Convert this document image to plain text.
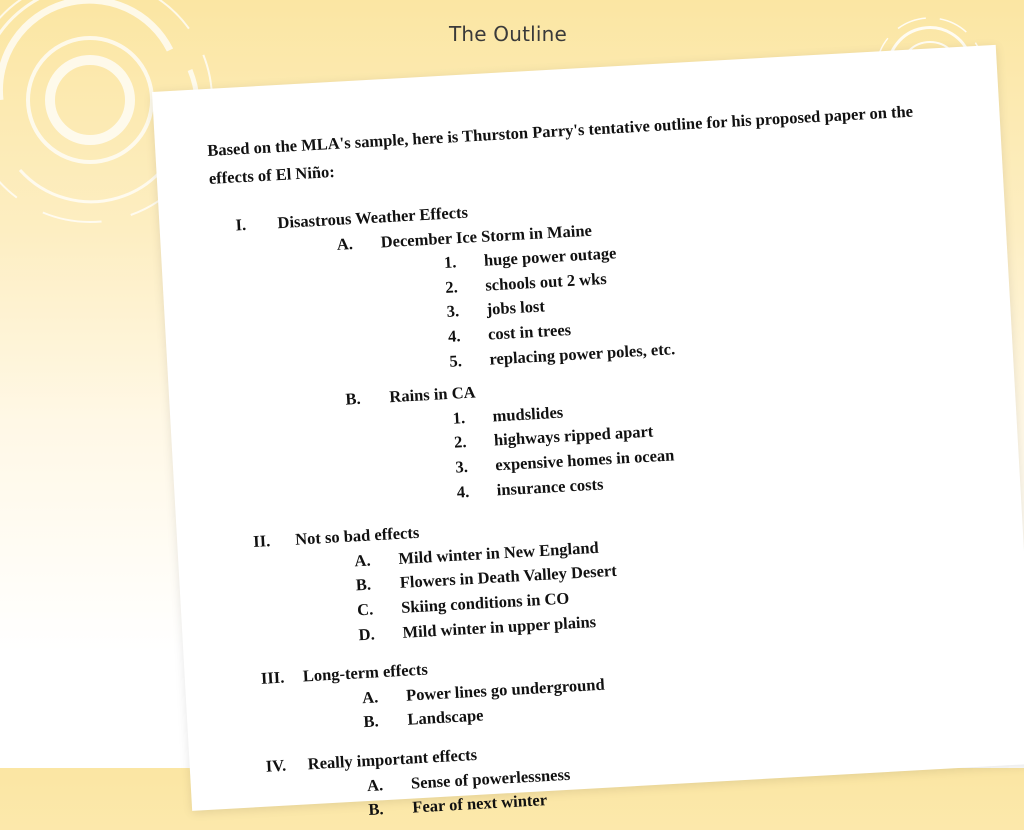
The Outline
Based on the MLA's sample, here is Thurston Parry's tentative outline for his proposed paper on the effects of El Niño:
I. Disastrous Weather Effects
A. December Ice Storm in Maine
1. huge power outage
2. schools out 2 wks
3. jobs lost
4. cost in trees
5. replacing power poles, etc.
B. Rains in CA
1. mudslides
2. highways ripped apart
3. expensive homes in ocean
4. insurance costs
II. Not so bad effects
A. Mild winter in New England
B. Flowers in Death Valley Desert
C. Skiing conditions in CO
D. Mild winter in upper plains
III. Long-term effects
A. Power lines go underground
B. Landscape
IV. Really important effects
A. Sense of powerlessness
B. Fear of next winter
